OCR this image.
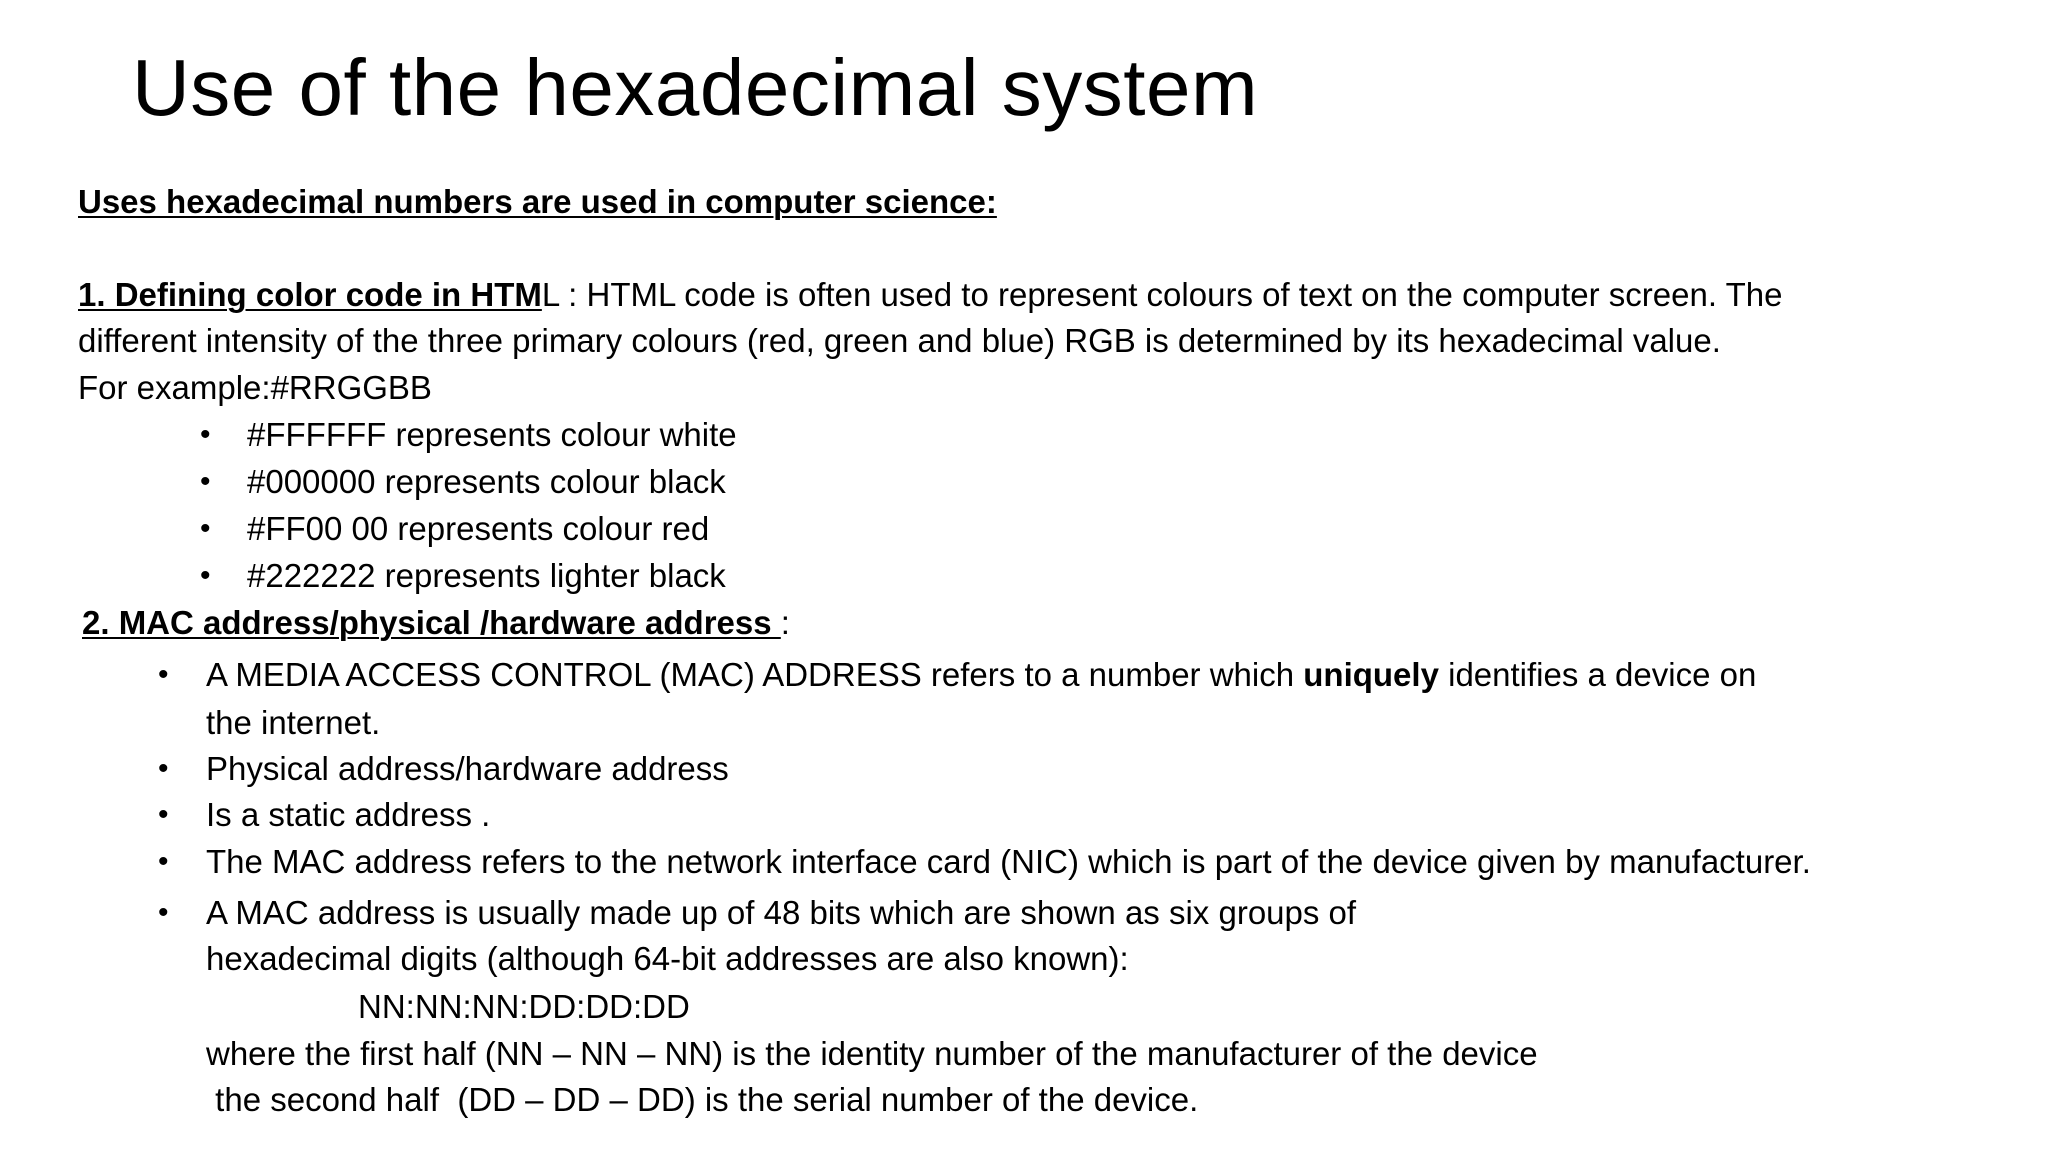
Use of the hexadecimal system
Uses hexadecimal numbers are used in computer science:
1. Defining color code in HTML : HTML code is often used to represent colours of text on the computer screen. The
different intensity of the three primary colours (red, green and blue) RGB is determined by its hexadecimal value.
For example:#RRGGBB
• #FFFFFF represents colour white
• #000000 represents colour black
• #FF00 00 represents colour red
• #222222 represents lighter black
2. MAC address/physical /hardware address :
• A MEDIA ACCESS CONTROL (MAC) ADDRESS refers to a number which uniquely identifies a device on
the internet.
• Physical address/hardware address
• Is a static address .
• The MAC address refers to the network interface card (NIC) which is part of the device given by manufacturer.
• A MAC address is usually made up of 48 bits which are shown as six groups of
hexadecimal digits (although 64-bit addresses are also known):
NN:NN:NN:DD:DD:DD
where the first half (NN – NN – NN) is the identity number of the manufacturer of the device
the second half  (DD – DD – DD) is the serial number of the device.
